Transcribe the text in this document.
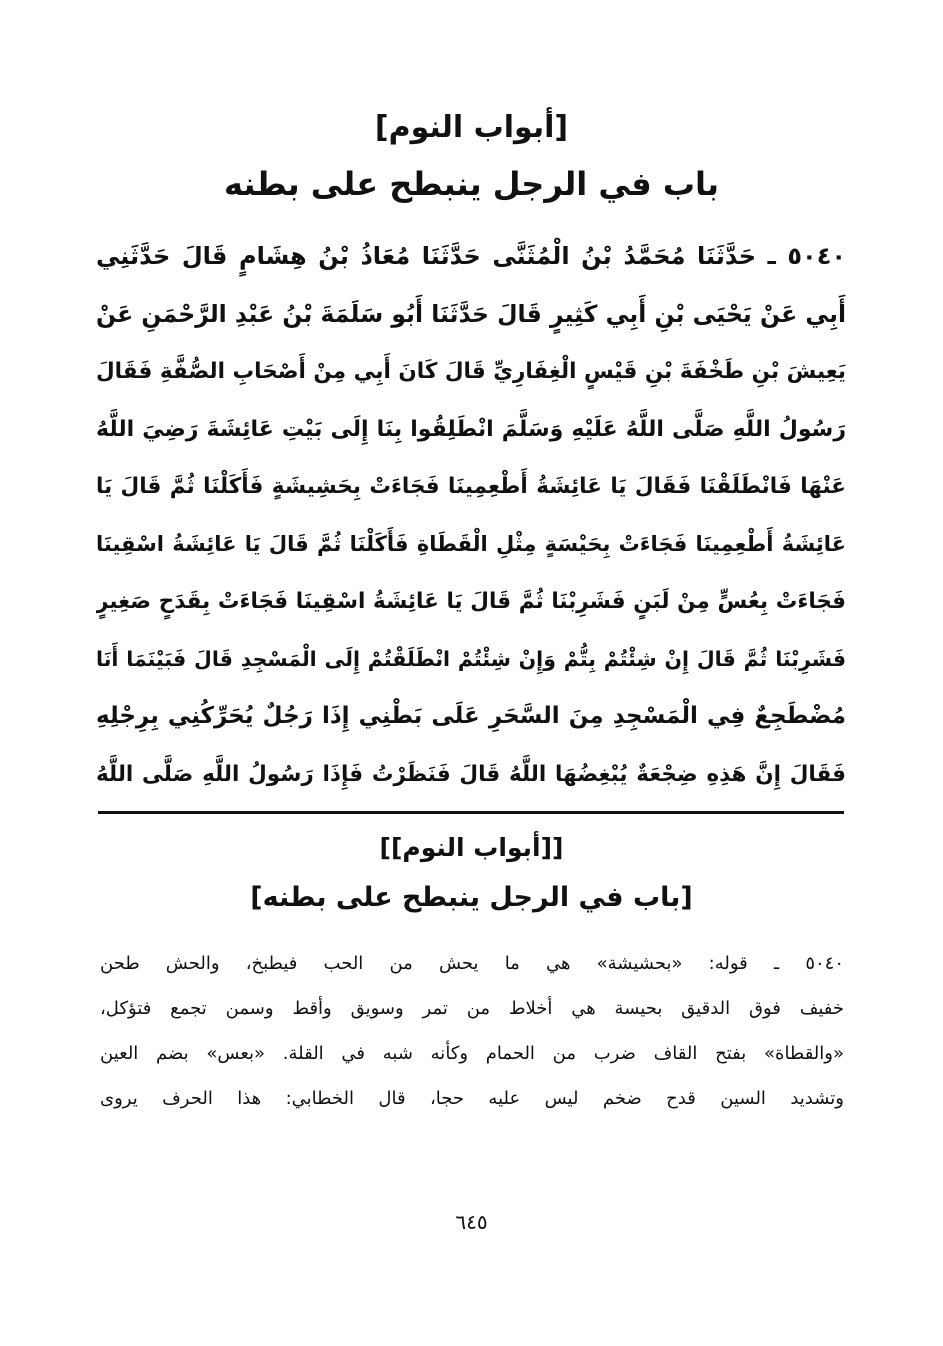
[أبواب النوم]
باب في الرجل ينبطح على بطنه
٥٠٤٠ ـ حَدَّثَنَا مُحَمَّدُ بْنُ الْمُثَنَّى حَدَّثَنَا مُعَاذُ بْنُ هِشَامٍ قَالَ حَدَّثَنِي
أَبِي عَنْ يَحْيَى بْنِ أَبِي كَثِيرٍ قَالَ حَدَّثَنَا أَبُو سَلَمَةَ بْنُ عَبْدِ الرَّحْمَنِ عَنْ
يَعِيشَ بْنِ طَخْفَةَ بْنِ قَيْسٍ الْغِفَارِيِّ قَالَ كَانَ أَبِي مِنْ أَصْحَابِ الصُّفَّةِ فَقَالَ
رَسُولُ اللَّهِ صَلَّى اللَّهُ عَلَيْهِ وَسَلَّمَ انْطَلِقُوا بِنَا إِلَى بَيْتِ عَائِشَةَ رَضِيَ اللَّهُ
عَنْهَا فَانْطَلَقْنَا فَقَالَ يَا عَائِشَةُ أَطْعِمِينَا فَجَاءَتْ بِحَشِيشَةٍ فَأَكَلْنَا ثُمَّ قَالَ يَا
عَائِشَةُ أَطْعِمِينَا فَجَاءَتْ بِحَيْسَةٍ مِثْلِ الْقَطَاةِ فَأَكَلْنَا ثُمَّ قَالَ يَا عَائِشَةُ اسْقِينَا
فَجَاءَتْ بِعُسٍّ مِنْ لَبَنٍ فَشَرِبْنَا ثُمَّ قَالَ يَا عَائِشَةُ اسْقِينَا فَجَاءَتْ بِقَدَحٍ صَغِيرٍ
فَشَرِبْنَا ثُمَّ قَالَ إِنْ شِئْتُمْ بِتُّمْ وَإِنْ شِئْتُمْ انْطَلَقْتُمْ إِلَى الْمَسْجِدِ قَالَ فَبَيْنَمَا أَنَا
مُضْطَجِعٌ فِي الْمَسْجِدِ مِنَ السَّحَرِ عَلَى بَطْنِي إِذَا رَجُلٌ يُحَرِّكُنِي بِرِجْلِهِ
فَقَالَ إِنَّ هَذِهِ ضِجْعَةٌ يُبْغِضُهَا اللَّهُ قَالَ فَنَظَرْتُ فَإِذَا رَسُولُ اللَّهِ صَلَّى اللَّهُ
[[أبواب النوم]]
[باب في الرجل ينبطح على بطنه]
٥٠٤٠ ـ قوله: «بحشيشة» هي ما يحش من الحب فيطبخ، والحش طحن
خفيف فوق الدقيق بحيسة هي أخلاط من تمر وسويق وأقط وسمن تجمع فتؤكل،
«والقطاة» بفتح القاف ضرب من الحمام وكأنه شبه في القلة. «بعس» بضم العين
وتشديد السين قدح ضخم ليس عليه حجا، قال الخطابي: هذا الحرف يروى
٦٤٥
